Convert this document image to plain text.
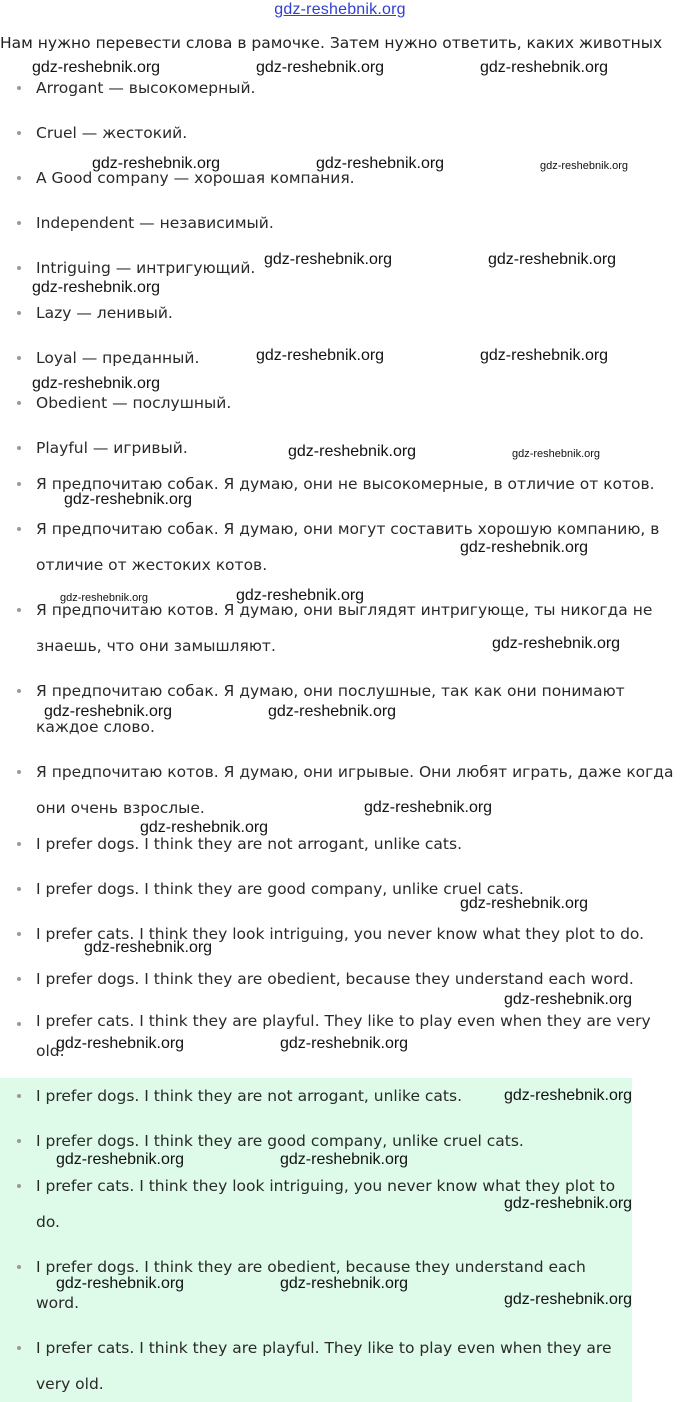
gdz-reshebnik.org
Нам нужно перевести слова в рамочке. Затем нужно ответить, каких животных
Arrogant — высокомерный.
Cruel — жестокий.
A Good company — хорошая компания.
Independent — независимый.
Intriguing — интригующий.
Lazy — ленивый.
Loyal — преданный.
Obedient — послушный.
Playful — игривый.
Я предпочитаю собак. Я думаю, они не высокомерные, в отличие от котов.
Я предпочитаю собак. Я думаю, они могут составить хорошую компанию, в отличие от жестоких котов.
Я предпочитаю котов. Я думаю, они выглядят интригующе, ты никогда не знаешь, что они замышляют.
Я предпочитаю собак. Я думаю, они послушные, так как они понимают каждое слово.
Я предпочитаю котов. Я думаю, они игрывые. Они любят играть, даже когда они очень взрослые.
I prefer dogs. I think they are not arrogant, unlike cats.
I prefer dogs. I think they are good company, unlike cruel cats.
I prefer cats. I think they look intriguing, you never know what they plot to do.
I prefer dogs. I think they are obedient, because they understand each word.
I prefer cats. I think they are playful. They like to play even when they are very old.
I prefer dogs. I think they are not arrogant, unlike cats.
I prefer dogs. I think they are good company, unlike cruel cats.
I prefer cats. I think they look intriguing, you never know what they plot to do.
I prefer dogs. I think they are obedient, because they understand each word.
I prefer cats. I think they are playful. They like to play even when they are very old.
gdz-reshebnik.org	gdz-reshebnik.org	gdz-reshebnik.org
gdz-reshebnik.org	gdz-reshebnik.org	gdz-reshebnik.org
gdz-reshebnik.org	gdz-reshebnik.org
gdz-reshebnik.org
gdz-reshebnik.org	gdz-reshebnik.org
gdz-reshebnik.org
gdz-reshebnik.org	gdz-reshebnik.org
gdz-reshebnik.org
gdz-reshebnik.org
gdz-reshebnik.org	gdz-reshebnik.org
gdz-reshebnik.org
gdz-reshebnik.org	gdz-reshebnik.org
gdz-reshebnik.org
gdz-reshebnik.org
gdz-reshebnik.org
gdz-reshebnik.org
gdz-reshebnik.org
gdz-reshebnik.org	gdz-reshebnik.org
gdz-reshebnik.org
gdz-reshebnik.org	gdz-reshebnik.org
gdz-reshebnik.org
gdz-reshebnik.org	gdz-reshebnik.org
gdz-reshebnik.org
